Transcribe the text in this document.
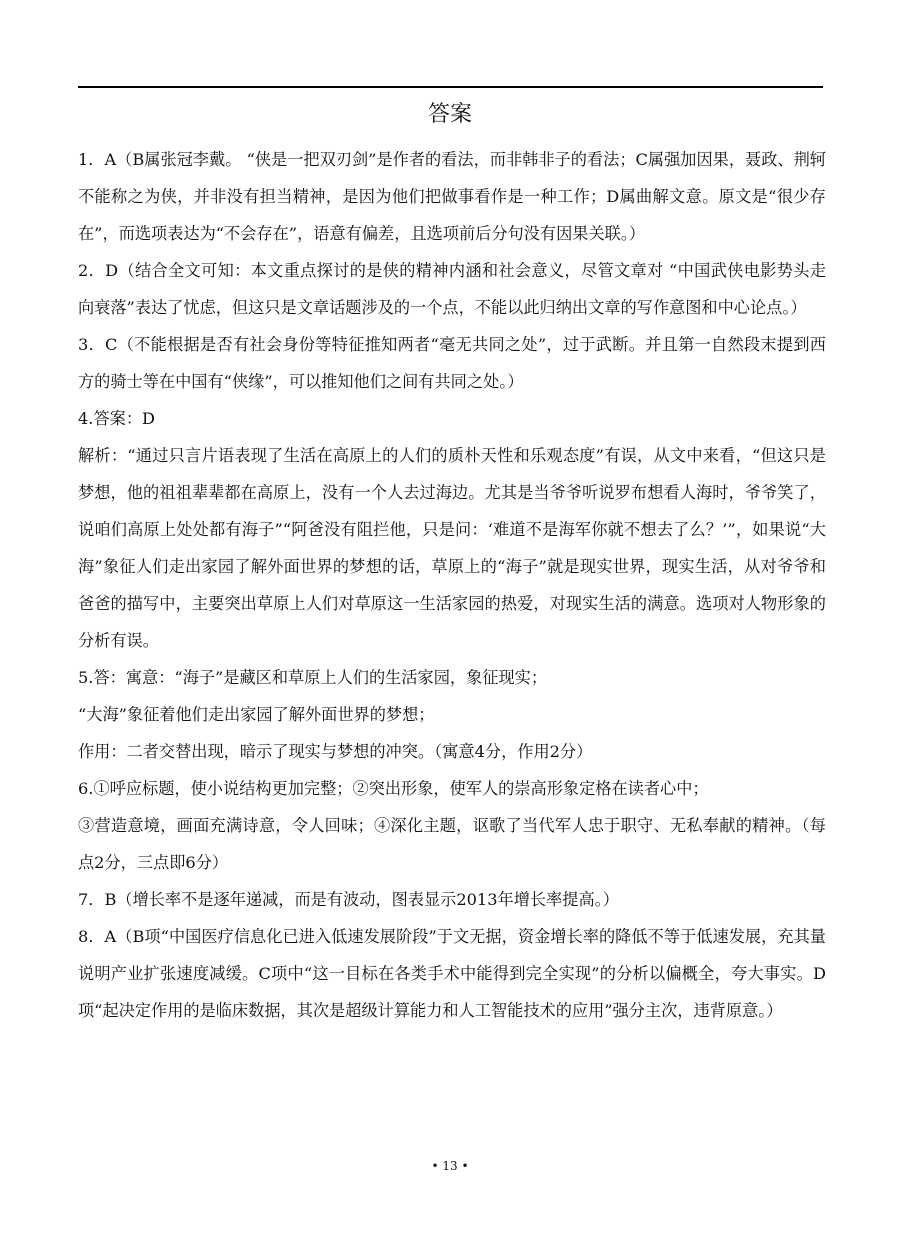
答案

1．A（B属张冠李戴。 “侠是一把双刃剑”是作者的看法，而非韩非子的看法；C属强加因果，聂政、荆轲不能称之为侠，并非没有担当精神，是因为他们把做事看作是一种工作；D属曲解文意。原文是“很少存在”，而选项表达为“不会存在”，语意有偏差，且选项前后分句没有因果关联。）

2．D（结合全文可知：本文重点探讨的是侠的精神内涵和社会意义，尽管文章对 “中国武侠电影势头走向衰落”表达了忧虑，但这只是文章话题涉及的一个点，不能以此归纳出文章的写作意图和中心论点。）

3．C（不能根据是否有社会身份等特征推知两者“毫无共同之处”，过于武断。并且第一自然段末提到西方的骑士等在中国有“侠缘”，可以推知他们之间有共同之处。）

4.答案：D

解析：“通过只言片语表现了生活在高原上的人们的质朴天性和乐观态度”有误，从文中来看，“但这只是梦想，他的祖祖辈辈都在高原上，没有一个人去过海边。尤其是当爷爷听说罗布想看人海时，爷爷笑了，说咱们高原上处处都有海子”“阿爸没有阻拦他，只是问：‘难道不是海军你就不想去了么？’”，如果说“大海”象征人们走出家园了解外面世界的梦想的话，草原上的“海子”就是现实世界，现实生活，从对爷爷和爸爸的描写中，主要突出草原上人们对草原这一生活家园的热爱，对现实生活的满意。选项对人物形象的分析有误。

5.答：寓意：“海子”是藏区和草原上人们的生活家园，象征现实；

“大海”象征着他们走出家园了解外面世界的梦想；

作用：二者交替出现，暗示了现实与梦想的冲突。（寓意4分，作用2分）

6.①呼应标题，使小说结构更加完整；②突出形象，使军人的崇高形象定格在读者心中；

③营造意境，画面充满诗意，令人回味；④深化主题，讴歌了当代军人忠于职守、无私奉献的精神。（每点2分，三点即6分）

7．B（增长率不是逐年递减，而是有波动，图表显示2013年增长率提高。）

8．A（B项“中国医疗信息化已进入低速发展阶段”于文无据，资金增长率的降低不等于低速发展，充其量说明产业扩张速度减缓。C项中“这一目标在各类手术中能得到完全实现”的分析以偏概全，夸大事实。D项“起决定作用的是临床数据，其次是超级计算能力和人工智能技术的应用”强分主次，违背原意。）

• 13 •
